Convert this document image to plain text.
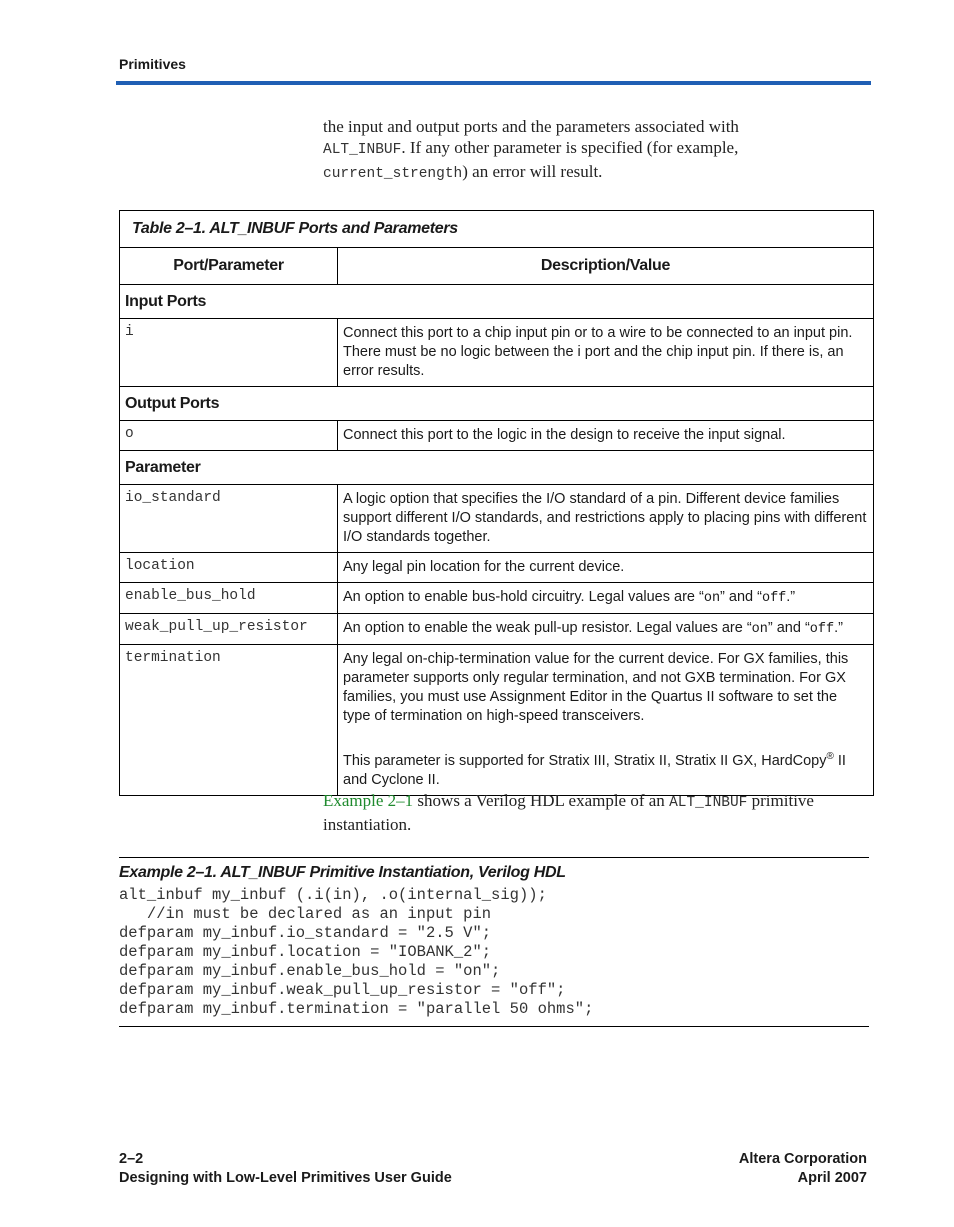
Primitives
the input and output ports and the parameters associated with
ALT_INBUF. If any other parameter is specified (for example,
current_strength) an error will result.
Table 2–1. ALT_INBUF Ports and Parameters	
Port/Parameter	Description/Value
Input Ports	
i	Connect this port to a chip input pin or to a wire to be connected to an input pin. There must be no logic between the i port and the chip input pin. If there is, an error results.
Output Ports	
o	Connect this port to the logic in the design to receive the input signal.
Parameter	
io_standard	A logic option that specifies the I/O standard of a pin. Different device families support different I/O standards, and restrictions apply to placing pins with different I/O standards together.
location	Any legal pin location for the current device.
enable_bus_hold	An option to enable bus-hold circuitry. Legal values are “on” and “off.”
weak_pull_up_resistor	An option to enable the weak pull-up resistor. Legal values are “on” and “off.”
termination	Any legal on-chip-termination value for the current device. For GX families, this parameter supports only regular termination, and not GXB termination. For GX families, you must use Assignment Editor in the Quartus II software to set the type of termination on high-speed transceivers.
This parameter is supported for Stratix III, Stratix II, Stratix II GX, HardCopy® II and Cyclone II.
Example 2–1 shows a Verilog HDL example of an ALT_INBUF primitive instantiation.
Example 2–1. ALT_INBUF Primitive Instantiation, Verilog HDL
alt_inbuf my_inbuf (.i(in), .o(internal_sig));
//in must be declared as an input pin
defparam my_inbuf.io_standard = "2.5 V";
defparam my_inbuf.location = "IOBANK_2";
defparam my_inbuf.enable_bus_hold = "on";
defparam my_inbuf.weak_pull_up_resistor = "off";
defparam my_inbuf.termination = "parallel 50 ohms";
2–2
Designing with Low-Level Primitives User Guide
Altera Corporation
April 2007
